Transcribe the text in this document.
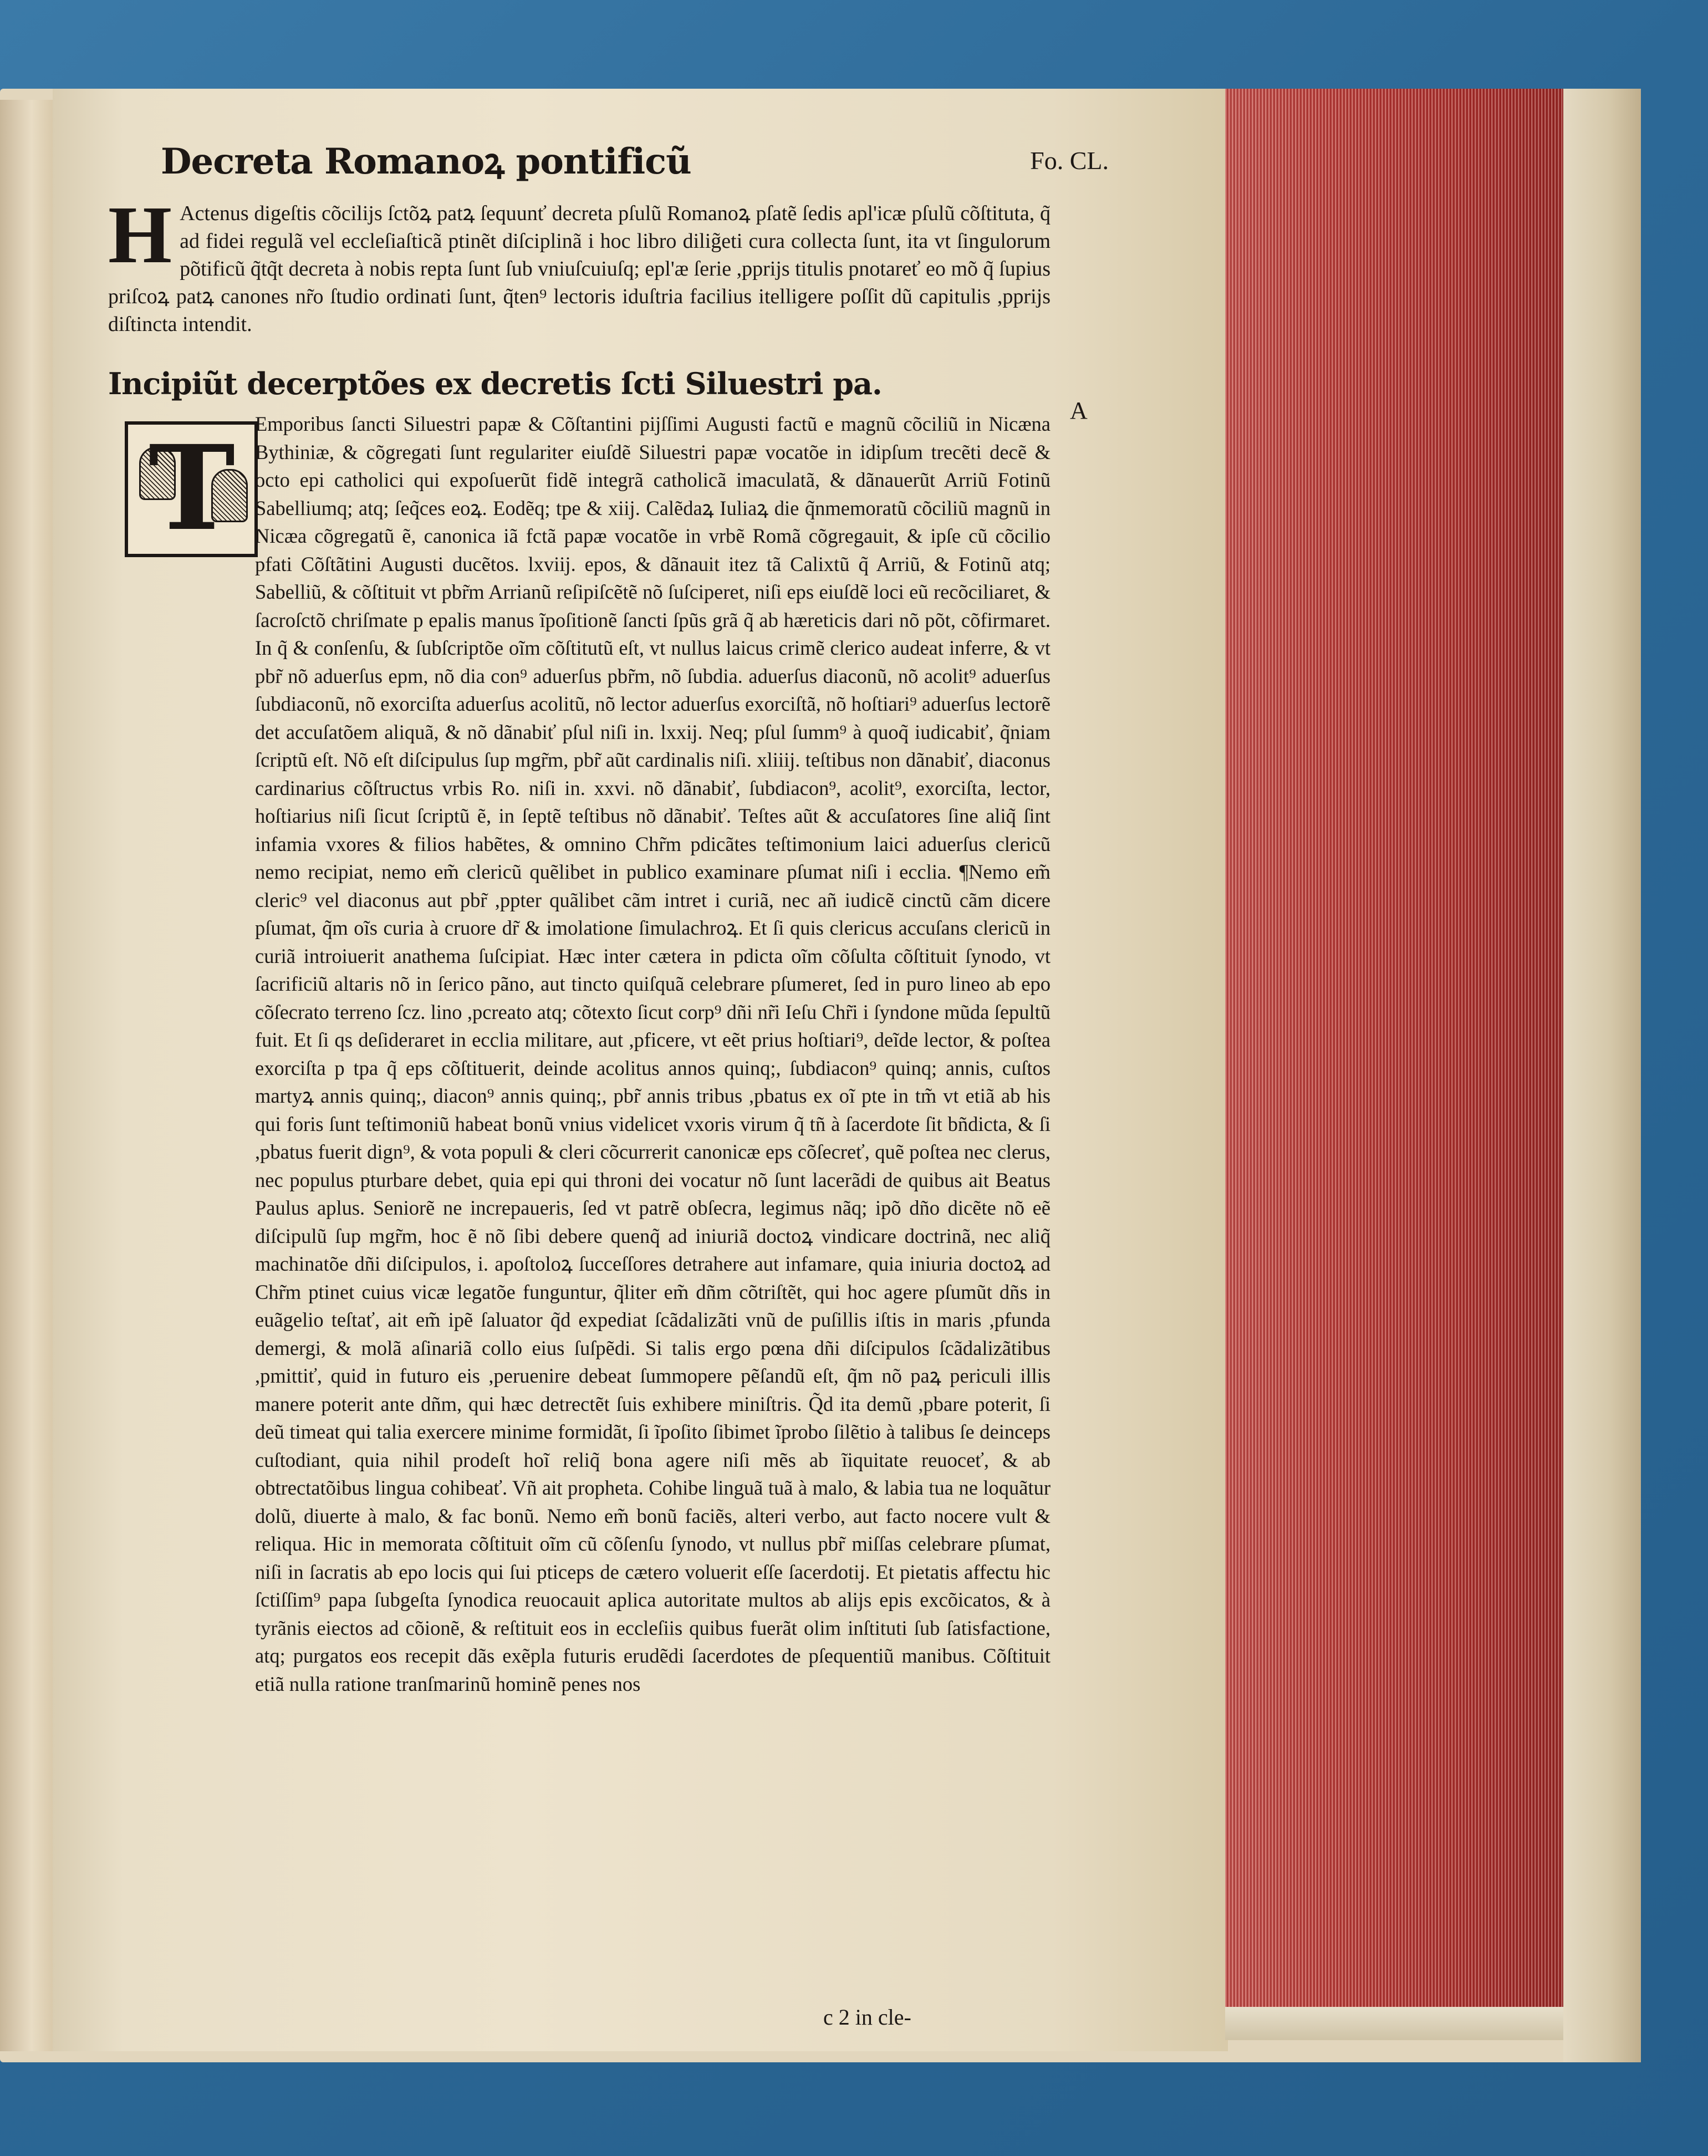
Decreta Romanoꝝ pontificũ	Fo. CL.
H Actenus digeſtis cõcilijs ſctõꝝ patꝝ ſequunť decreta pſulũ Romanoꝝ pſatẽ ſedis apl'icæ pſulũ cõſtituta, q̃ ad fidei regulã vel eccleſiaſticã ptinẽt diſciplinã i hoc libro dilig̃eti cura collecta ſunt, ita vt ſingulorum põtificũ q̃tq̃t decreta à nobis repta ſunt ſub vniuſcuiuſq; epl'æ ſerie ,pprijs titulis pnotareť eo mõ q̃ ſupius priſcoꝝ patꝝ canones nr̃o ſtudio ordinati ſunt, q̃ten⁹ lectoris iduſtria facilius itelligere poſſit dũ capitulis ,pprijs diſtincta intendit.
Incipiũt decerptões ex decretis ſcti Siluestri pa.
A
T Emporibus ſancti Siluestri papæ & Cõſtantini pijſſimi Augusti factũ e magnũ cõciliũ in Nicæna Bythiniæ, & cõgregati ſunt regulariter eiuſdẽ Siluestri papæ vocatõe in idipſum trecẽti decẽ & octo epi catholici qui expoſuerũt fidẽ integrã catholicã imaculatã, & dãnauerũt Arriũ Fotinũ Sabelliumq; atq; ſeq̃ces eoꝝ. Eodẽq; tpe & xiij. Calẽdaꝝ Iuliaꝝ die q̃nmemoratũ cõciliũ magnũ in Nicæa cõgregatũ ẽ, canonica iã fctã papæ vocatõe in vrbẽ Romã cõgregauit, & ipſe cũ cõcilio pfati Cõſtãtini Augusti ducẽtos. lxviij. epos, & dãnauit itez tã Calixtũ q̃ Arriũ, & Fotinũ atq; Sabelliũ, & cõſtituit vt pbr̃m Arrianũ reſipiſcẽtẽ nõ ſuſciperet, niſi eps eiuſdẽ loci eũ recõciliaret, & ſacroſctõ chriſmate p epalis manus ĩpoſitionẽ ſancti ſpũs grã q̃ ab hæreticis dari nõ põt, cõfirmaret. In q̃ & conſenſu, & ſubſcriptõe oĩm cõſtitutũ eſt, vt nullus laicus crimẽ clerico audeat inferre, & vt pbr̃ nõ aduerſus epm, nõ dia con⁹ aduerſus pbr̃m, nõ ſubdia. aduerſus diaconũ, nõ acolit⁹ aduerſus ſubdiaconũ, nõ exorciſta aduerſus acolitũ, nõ lector aduerſus exorciſtã, nõ hoſtiari⁹ aduerſus lectorẽ det accuſatõem aliquã, & nõ dãnabiť pſul niſi in. lxxij. Neq; pſul ſumm⁹ à quoq̃ iudicabiť, q̃niam ſcriptũ eſt. Nõ eſt diſcipulus ſup mgr̃m, pbr̃ aũt cardinalis niſi. xliiij. teſtibus non dãnabiť, diaconus cardinarius cõſtructus vrbis Ro. niſi in. xxvi. nõ dãnabiť, ſubdiacon⁹, acolit⁹, exorciſta, lector, hoſtiarius niſi ſicut ſcriptũ ẽ, in ſeptẽ teſtibus nõ dãnabiť. Teſtes aũt & accuſatores ſine aliq̃ ſint infamia vxores & filios habẽtes, & omnino Chr̃m pdicãtes teſtimonium laici aduerſus clericũ nemo recipiat, nemo em̃ clericũ quẽlibet in publico examinare pſumat niſi i ecclia. ¶Nemo em̃ cleric⁹ vel diaconus aut pbr̃ ,ppter quãlibet cãm intret i curiã, nec añ iudicẽ cinctũ cãm dicere pſumat, q̃m oĩs curia à cruore dr̃ & imolatione ſimulachroꝝ. Et ſi quis clericus accuſans clericũ in curiã introiuerit anathema ſuſcipiat. Hæc inter cætera in pdicta oĩm cõſulta cõſtituit ſynodo, vt ſacrificiũ altaris nõ in ſerico pãno, aut tincto quiſquã celebrare pſumeret, ſed in puro lineo ab epo cõſecrato terreno ſcz. lino ,pcreato atq; cõtexto ſicut corp⁹ dñi nr̃i Ieſu Chr̃i i ſyndone mũda ſepultũ fuit. Et ſi qs deſideraret in ecclia militare, aut ,pficere, vt eẽt prius hoſtiari⁹, deĩde lector, & poſtea exorciſta p tpa q̃ eps cõſtituerit, deinde acolitus annos quinq;, ſubdiacon⁹ quinq; annis, cuſtos martyꝝ annis quinq;, diacon⁹ annis quinq;, pbr̃ annis tribus ,pbatus ex oĩ pte in tm̃ vt etiã ab his qui foris ſunt teſtimoniũ habeat bonũ vnius videlicet vxoris virum q̃ tñ à ſacerdote ſit bñdicta, & ſi ,pbatus fuerit dign⁹, & vota populi & cleri cõcurrerit canonicæ eps cõſecreť, quẽ poſtea nec clerus, nec populus pturbare debet, quia epi qui throni dei vocatur nõ ſunt lacerãdi de quibus ait Beatus Paulus aplus. Seniorẽ ne increpaueris, ſed vt patrẽ obſecra, legimus nãq; ipõ dño dicẽte nõ eẽ diſcipulũ ſup mgr̃m, hoc ẽ nõ ſibi debere quenq̃ ad iniuriã doctoꝝ vindicare doctrinã, nec aliq̃ machinatõe dñi diſcipulos, i. apoſtoloꝝ ſucceſſores detrahere aut infamare, quia iniuria doctoꝝ ad Chr̃m ptinet cuius vicæ legatõe funguntur, q̃liter em̃ dñm cõtriſtẽt, qui hoc agere pſumũt dñs in euãgelio teſtať, ait em̃ ipẽ ſaluator q̃d expediat ſcãdalizãti vnũ de puſillis iſtis in maris ,pfunda demergi, & molã aſinariã collo eius ſuſpẽdi. Si talis ergo pœna dñi diſcipulos ſcãdalizãtibus ,pmittiť, quid in futuro eis ,peruenire debeat ſummopere pẽſandũ eſt, q̃m nõ paꝝ periculi illis manere poterit ante dñm, qui hæc detrectẽt ſuis exhibere miniſtris. Q̃d ita demũ ,pbare poterit, ſi deũ timeat qui talia exercere minime formidãt, ſi ĩpoſito ſibimet ĩprobo ſilẽtio à talibus ſe deinceps cuſtodiant, quia nihil prodeſt hoĩ reliq̃ bona agere niſi mẽs ab ĩiquitate reuoceť, & ab obtrectatõibus lingua cohibeať. Vñ ait propheta. Cohibe linguã tuã à malo, & labia tua ne loquãtur dolũ, diuerte à malo, & fac bonũ. Nemo em̃ bonũ faciẽs, alteri verbo, aut facto nocere vult & reliqua. Hic in memorata cõſtituit oĩm cũ cõſenſu ſynodo, vt nullus pbr̃ miſſas celebrare pſumat, niſi in ſacratis ab epo locis qui ſui pticeps de cætero voluerit eſſe ſacerdotij. Et pietatis affectu hic ſctiſſim⁹ papa ſubgeſta ſynodica reuocauit aplica autoritate multos ab alijs epis excõicatos, & à tyrãnis eiectos ad cõionẽ, & reſtituit eos in eccleſiis quibus fuerãt olim inſtituti ſub ſatisfactione, atq; purgatos eos recepit dãs exẽpla futuris erudẽdi ſacerdotes de pſequentiũ manibus. Cõſtituit etiã nulla ratione tranſmarinũ hominẽ penes nos

c 2 in cle-
